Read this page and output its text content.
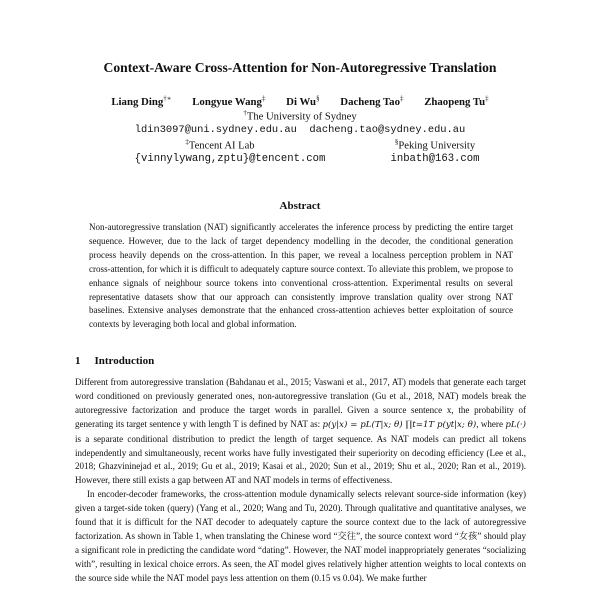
Context-Aware Cross-Attention for Non-Autoregressive Translation
Liang Ding†∗ Longyue Wang‡ Di Wu§ Dacheng Tao‡ Zhaopeng Tu‡
†The University of Sydney
ldin3097@uni.sydney.edu.au dacheng.tao@sydney.edu.au
‡Tencent AI Lab
{vinnylywang,zptu}@tencent.com
§Peking University
inbath@163.com
Abstract
Non-autoregressive translation (NAT) significantly accelerates the inference process by predicting the entire target sequence. However, due to the lack of target dependency modelling in the decoder, the conditional generation process heavily depends on the cross-attention. In this paper, we reveal a localness perception problem in NAT cross-attention, for which it is difficult to adequately capture source context. To alleviate this problem, we propose to enhance signals of neighbour source tokens into conventional cross-attention. Experimental results on several representative datasets show that our approach can consistently improve translation quality over strong NAT baselines. Extensive analyses demonstrate that the enhanced cross-attention achieves better exploitation of source contexts by leveraging both local and global information.
1 Introduction

Different from autoregressive translation (Bahdanau et al., 2015; Vaswani et al., 2017, AT) models that generate each target word conditioned on previously generated ones, non-autoregressive translation (Gu et al., 2018, NAT) models break the autoregressive factorization and produce the target words in parallel. Given a source sentence x, the probability of generating its target sentence y with length T is defined by NAT as: p(y|x) = pL(T|x; θ) ∏t=1T p(yt|x; θ), where pL(·) is a separate conditional distribution to predict the length of target sequence. As NAT models can predict all tokens independently and simultaneously, recent works have fully investigated their superiority on decoding efficiency (Lee et al., 2018; Ghazvininejad et al., 2019; Gu et al., 2019; Kasai et al., 2020; Sun et al., 2019; Shu et al., 2020; Ran et al., 2019). However, there still exists a gap between AT and NAT models in terms of effectiveness.

In encoder-decoder frameworks, the cross-attention module dynamically selects relevant source-side information (key) given a target-side token (query) (Yang et al., 2020; Wang and Tu, 2020). Through qualitative and quantitative analyses, we found that it is difficult for the NAT decoder to adequately capture the source context due to the lack of autoregressive factorization. As shown in Table 1, when translating the Chinese word “交往”, the source context word “女孩” should play a significant role in predicting the candidate word “dating”. However, the NAT model inappropriately generates “socializing with”, resulting in lexical choice errors. As seen, the AT model gives relatively higher attention weights to local contexts on the source side while the NAT model pays less attention on them (0.15 vs 0.04). We make further
